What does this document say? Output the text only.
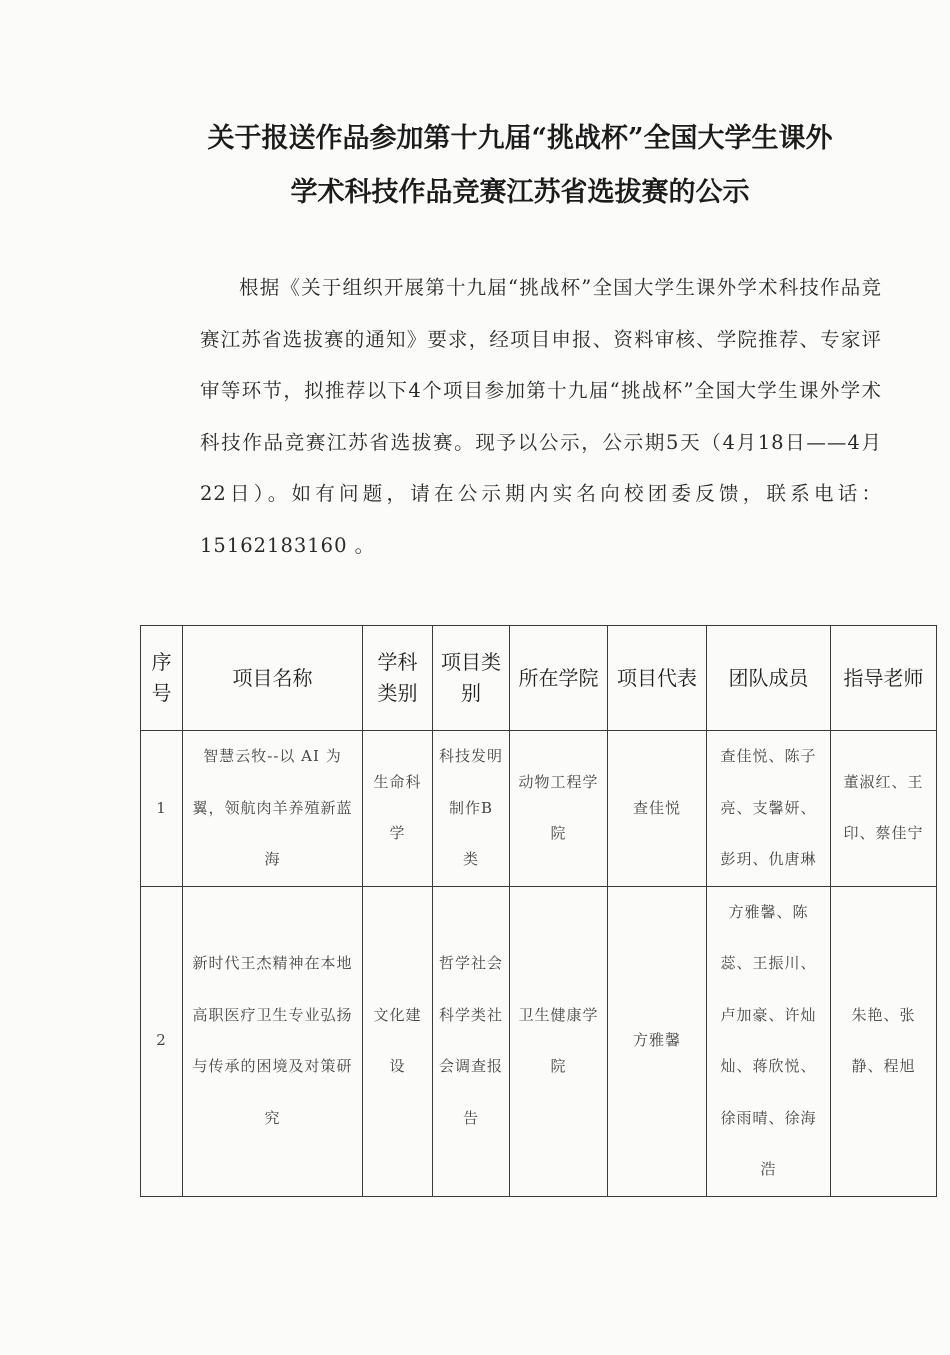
关于报送作品参加第十九届“挑战杯”全国大学生课外
学术科技作品竞赛江苏省选拔赛的公示

根据《关于组织开展第十九届“挑战杯”全国大学生课外学术科技作品竞赛江苏省选拔赛的通知》要求，经项目申报、资料审核、学院推荐、专家评审等环节，拟推荐以下4个项目参加第十九届“挑战杯”全国大学生课外学术科技作品竞赛江苏省选拔赛。现予以公示，公示期5天（4月18日——4月22日）。如有问题，请在公示期内实名向校团委反馈，联系电话：15162183160 。

序号	项目名称	学科类别	项目类别	所在学院	项目代表	团队成员	指导老师
1	智慧云牧--以 AI 为翼，领航肉羊养殖新蓝海	生命科学	科技发明制作B 类	动物工程学院	查佳悦	查佳悦、陈子亮、支馨妍、彭玥、仇唐琳	董淑红、王印、蔡佳宁
2	新时代王杰精神在本地高职医疗卫生专业弘扬与传承的困境及对策研究	文化建设	哲学社会科学类社会调查报告	卫生健康学院	方雅馨	方雅馨、陈蕊、王振川、卢加豪、许灿灿、蒋欣悦、徐雨晴、徐海浩	朱艳、张静、程旭
